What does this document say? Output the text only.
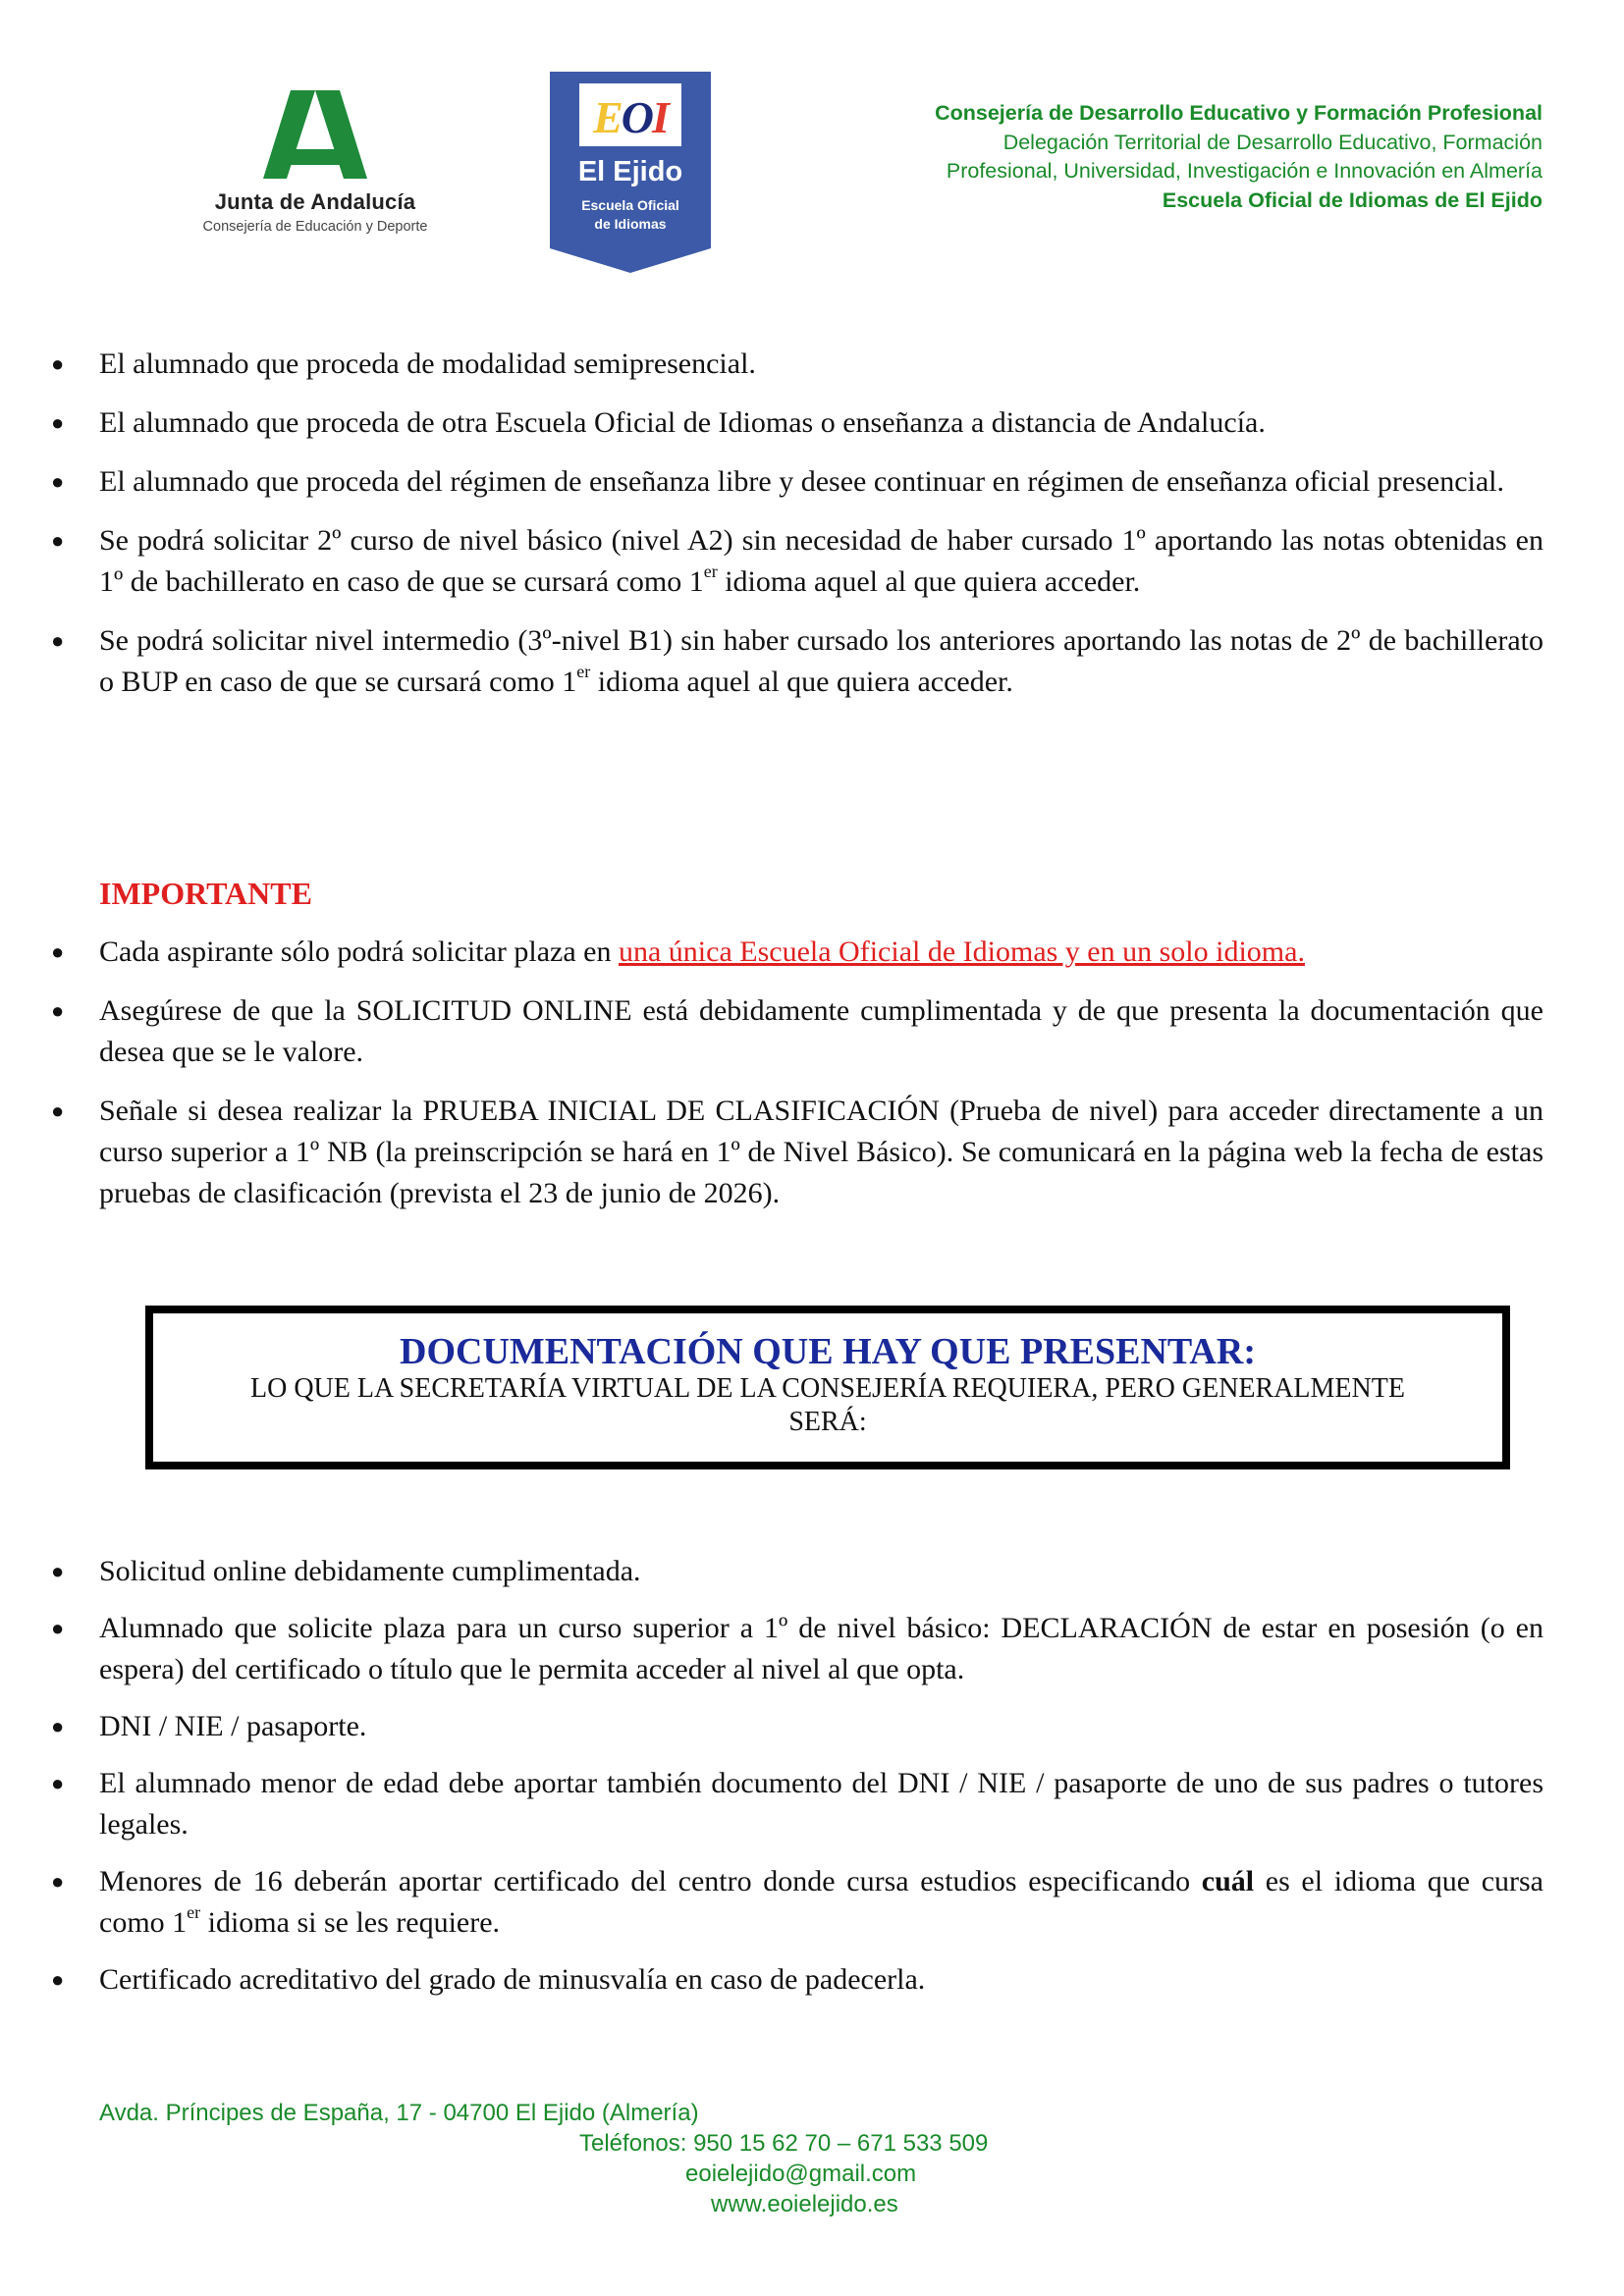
Junta de Andalucía
Consejería de Educación y Deporte
EOI
El Ejido
Escuela Oficial
de Idiomas
Consejería de Desarrollo Educativo y Formación Profesional
Delegación Territorial de Desarrollo Educativo, Formación
Profesional, Universidad, Investigación e Innovación en Almería
Escuela Oficial de Idiomas de El Ejido
●	El alumnado que proceda de modalidad semipresencial.
●	El alumnado que proceda de otra Escuela Oficial de Idiomas o enseñanza a distancia de Andalucía.
●	El alumnado que proceda del régimen de enseñanza libre y desee continuar en régimen de enseñanza oficial presencial.
●	Se podrá solicitar 2º curso de nivel básico (nivel A2) sin necesidad de haber cursado 1º aportando las notas obtenidas en 1º de bachillerato en caso de que se cursará como 1er idioma aquel al que quiera acceder.
●	Se podrá solicitar nivel intermedio (3º-nivel B1) sin haber cursado los anteriores aportando las notas de 2º de bachillerato o BUP en caso de que se cursará como 1er idioma aquel al que quiera acceder.
IMPORTANTE
●	Cada aspirante sólo podrá solicitar plaza en una única Escuela Oficial de Idiomas y en un solo idioma.
●	Asegúrese de que la SOLICITUD ONLINE está debidamente cumplimentada y de que presenta la documentación que desea que se le valore.
●	Señale si desea realizar la PRUEBA INICIAL DE CLASIFICACIÓN (Prueba de nivel) para acceder directamente a un curso superior a 1º NB (la preinscripción se hará en 1º de Nivel Básico). Se comunicará en la página web la fecha de estas pruebas de clasificación (prevista el 23 de junio de 2026).
DOCUMENTACIÓN QUE HAY QUE PRESENTAR:
LO QUE LA SECRETARÍA VIRTUAL DE LA CONSEJERÍA REQUIERA, PERO GENERALMENTE SERÁ:
●	Solicitud online debidamente cumplimentada.
●	Alumnado que solicite plaza para un curso superior a 1º de nivel básico: DECLARACIÓN de estar en posesión (o en espera) del certificado o título que le permita acceder al nivel al que opta.
●	DNI / NIE / pasaporte.
●	El alumnado menor de edad debe aportar también documento del DNI / NIE / pasaporte de uno de sus padres o tutores legales.
●	Menores de 16 deberán aportar certificado del centro donde cursa estudios especificando cuál es el idioma que cursa como 1er idioma si se les requiere.
●	Certificado acreditativo del grado de minusvalía en caso de padecerla.
Avda. Príncipes de España, 17 - 04700 El Ejido (Almería)
Teléfonos: 950 15 62 70 – 671 533 509
eoielejido@gmail.com
www.eoielejido.es
